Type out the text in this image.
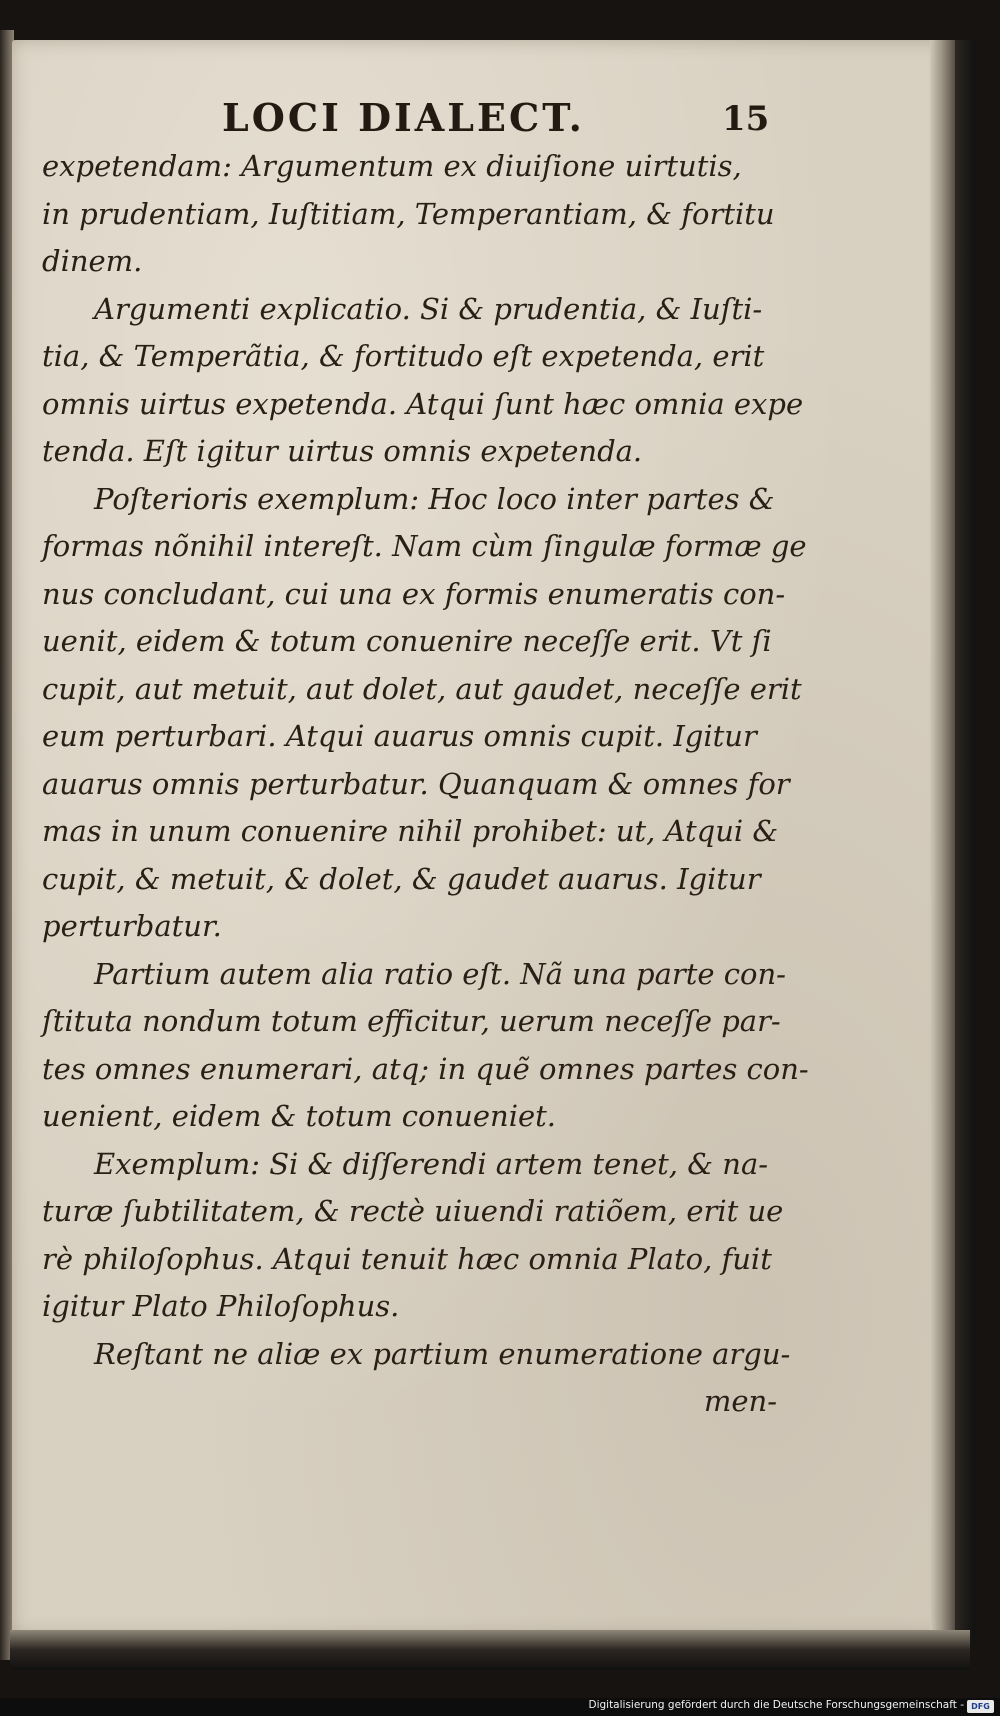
LOCI DIALECT.	15
expetendam: Argumentum ex diuiſione uirtutis,
in prudentiam, Iuſtitiam, Temperantiam, & fortitu
dinem.
Argumenti explicatio. Si & prudentia, & Iuſti-
tia, & Temperãtia, & fortitudo eſt expetenda, erit
omnis uirtus expetenda. Atqui ſunt hæc omnia expe
tenda. Eſt igitur uirtus omnis expetenda.
Poſterioris exemplum: Hoc loco inter partes &
formas nõnihil intereſt. Nam cùm ſingulæ formæ ge
nus concludant, cui una ex formis enumeratis con-
uenit, eidem & totum conuenire neceſſe erit. Vt ſi
cupit, aut metuit, aut dolet, aut gaudet, neceſſe erit
eum perturbari. Atqui auarus omnis cupit. Igitur
auarus omnis perturbatur. Quanquam & omnes for
mas in unum conuenire nihil prohibet: ut, Atqui &
cupit, & metuit, & dolet, & gaudet auarus. Igitur
perturbatur.
Partium autem alia ratio eſt. Nã una parte con-
ſtituta nondum totum efficitur, uerum neceſſe par-
tes omnes enumerari, atq; in quẽ omnes partes con-
uenient, eidem & totum conueniet.
Exemplum: Si & diſſerendi artem tenet, & na-
turæ ſubtilitatem, & rectè uiuendi ratiõem, erit ue
rè philoſophus. Atqui tenuit hæc omnia Plato, fuit
igitur Plato Philoſophus.
Reſtant ne aliæ ex partium enumeratione argu-
men-
Digitalisierung gefördert durch die Deutsche Forschungsgemeinschaft - DFG
